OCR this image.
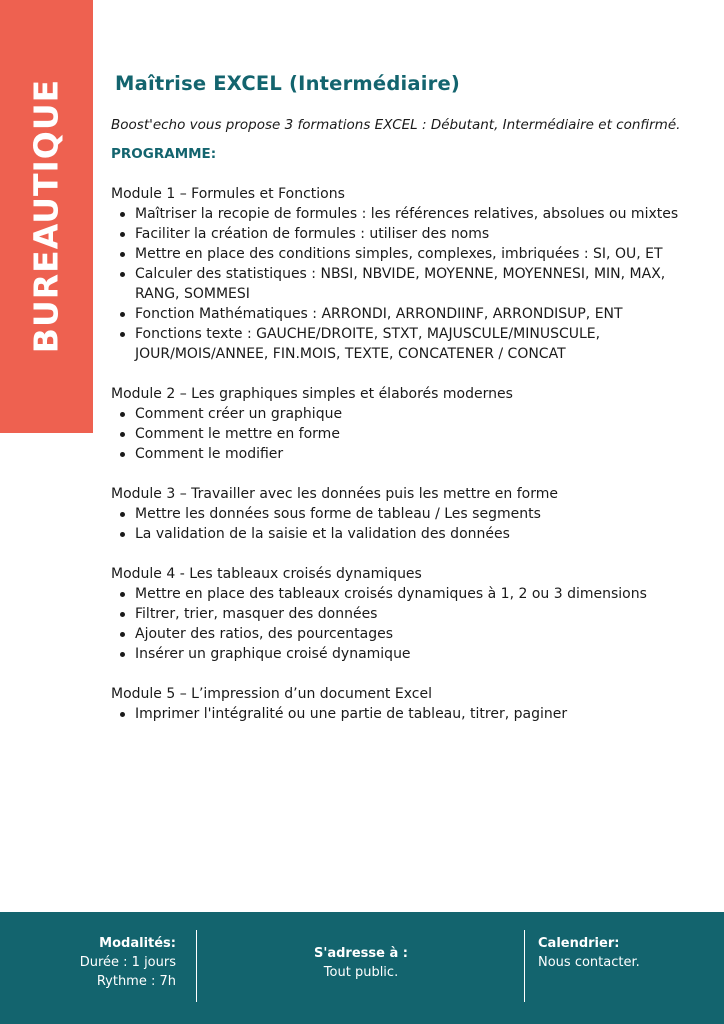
BUREAUTIQUE	Maîtrise EXCEL (Intermédiaire)

Boost'echo vous propose 3 formations EXCEL : Débutant, Intermédiaire et confirmé.

PROGRAMME:

Module 1 – Formules et Fonctions

Maîtriser la recopie de formules : les références relatives, absolues ou mixtes
Faciliter la création de formules : utiliser des noms
Mettre en place des conditions simples, complexes, imbriquées : SI, OU, ET
Calculer des statistiques : NBSI, NBVIDE, MOYENNE, MOYENNESI, MIN, MAX, RANG, SOMMESI
Fonction Mathématiques : ARRONDI, ARRONDIINF, ARRONDISUP, ENT
Fonctions texte : GAUCHE/DROITE, STXT, MAJUSCULE/MINUSCULE, JOUR/MOIS/ANNEE, FIN.MOIS, TEXTE, CONCATENER / CONCAT

Module 2 – Les graphiques simples et élaborés modernes

Comment créer un graphique
Comment le mettre en forme
Comment le modifier

Module 3 – Travailler avec les données puis les mettre en forme

Mettre les données sous forme de tableau / Les segments
La validation de la saisie et la validation des données

Module 4 - Les tableaux croisés dynamiques

Mettre en place des tableaux croisés dynamiques à 1, 2 ou 3 dimensions
Filtrer, trier, masquer des données
Ajouter des ratios, des pourcentages
Insérer un graphique croisé dynamique

Module 5 – L’impression d’un document Excel

Imprimer l'intégralité ou une partie de tableau, titrer, paginer
Modalités:
Durée : 1 jours
Rythme : 7h
S'adresse à :
Tout public.
Calendrier:
Nous contacter.
